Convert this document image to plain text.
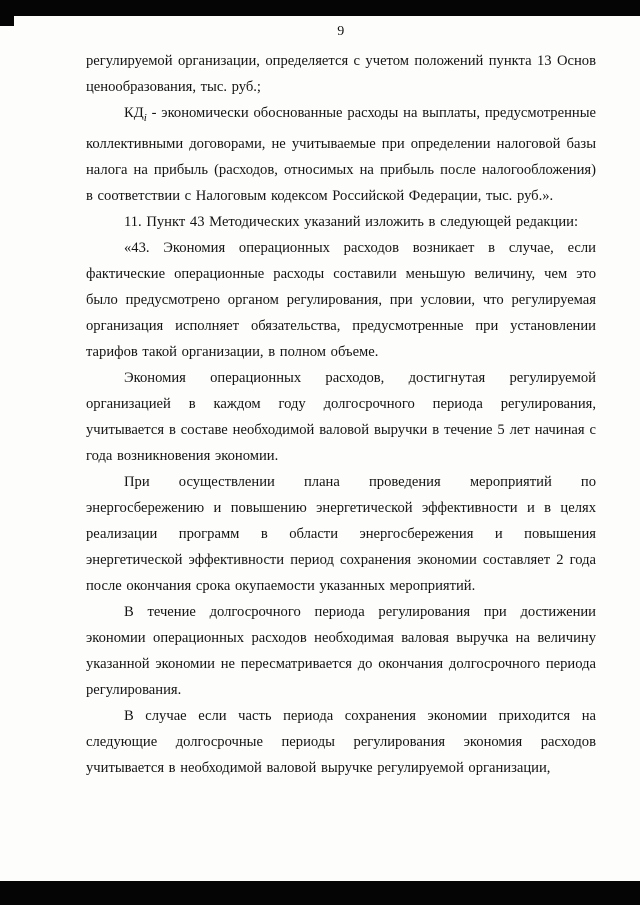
9

регулируемой организации, определяется с учетом положений пункта 13 Основ ценообразования, тыс. руб.;

$КД_i$ - экономически обоснованные расходы на выплаты, предусмотренные коллективными договорами, не учитываемые при определении налоговой базы налога на прибыль (расходов, относимых на прибыль после налогообложения) в соответствии с Налоговым кодексом Российской Федерации, тыс. руб.».

11. Пункт 43 Методических указаний изложить в следующей редакции:

«43. Экономия операционных расходов возникает в случае, если фактические операционные расходы составили меньшую величину, чем это было предусмотрено органом регулирования, при условии, что регулируемая организация исполняет обязательства, предусмотренные при установлении тарифов такой организации, в полном объеме.

Экономия операционных расходов, достигнутая регулируемой организацией в каждом году долгосрочного периода регулирования, учитывается в составе необходимой валовой выручки в течение 5 лет начиная с года возникновения экономии.

При осуществлении плана проведения мероприятий по энергосбережению и повышению энергетической эффективности и в целях реализации программ в области энергосбережения и повышения энергетической эффективности период сохранения экономии составляет 2 года после окончания срока окупаемости указанных мероприятий.

В течение долгосрочного периода регулирования при достижении экономии операционных расходов необходимая валовая выручка на величину указанной экономии не пересматривается до окончания долгосрочного периода регулирования.

В случае если часть периода сохранения экономии приходится на следующие долгосрочные периоды регулирования экономия расходов учитывается в необходимой валовой выручке регулируемой организации,
